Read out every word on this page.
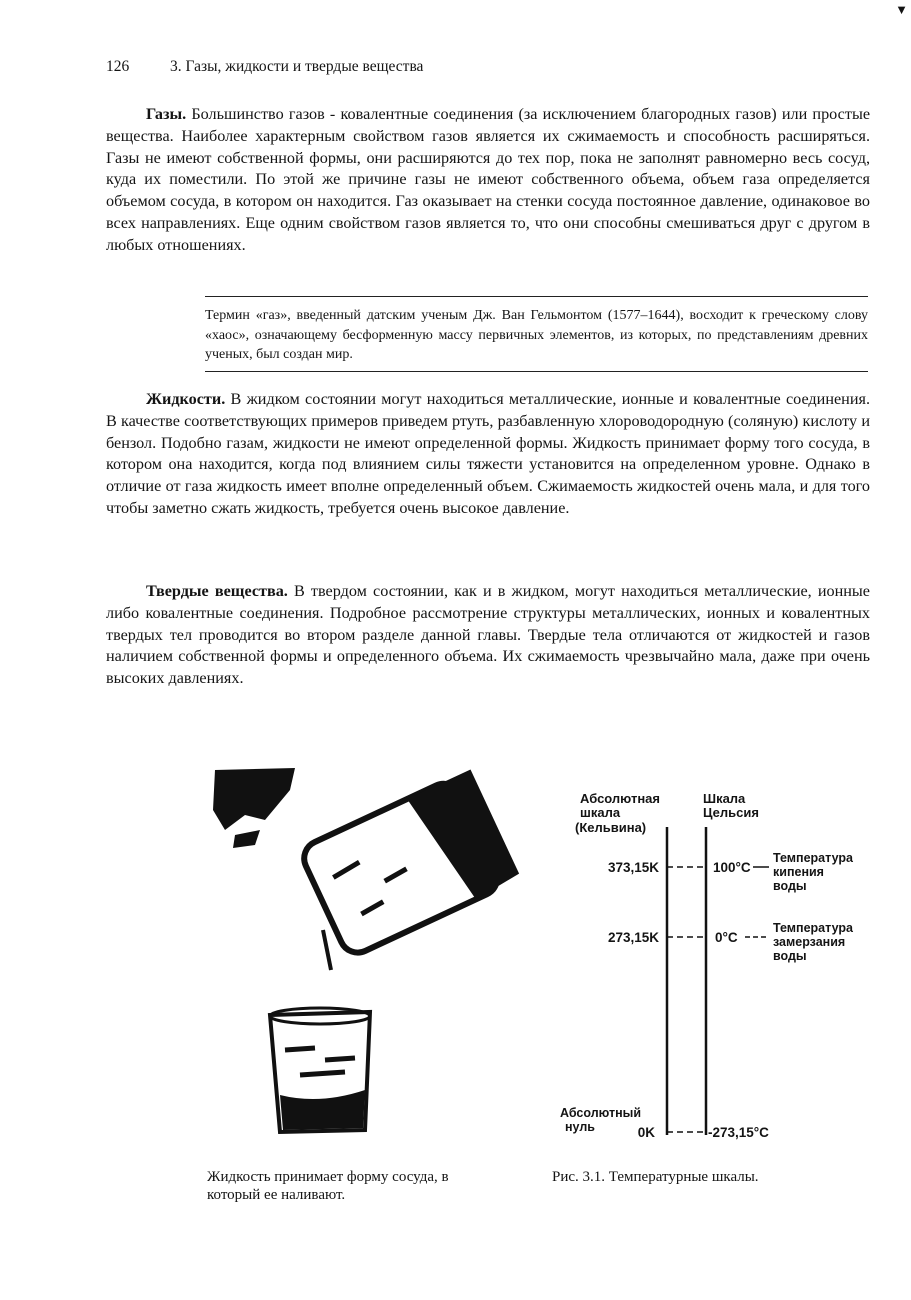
126	3. Газы, жидкости и твердые вещества

Газы. Большинство газов - ковалентные соединения (за исключением благородных газов) или простые вещества. Наиболее характерным свойством газов является их сжимаемость и способность расширяться. Газы не имеют собственной формы, они расширяются до тех пор, пока не заполнят равномерно весь сосуд, куда их поместили. По этой же причине газы не имеют собственного объема, объем газа определяется объемом сосуда, в котором он находится. Газ оказывает на стенки сосуда постоянное давление, одинаковое во всех направлениях. Еще одним свойством газов является то, что они способны смешиваться друг с другом в любых отношениях.

Термин «газ», введенный датским ученым Дж. Ван Гельмонтом (1577–1644), восходит к греческому слову «хаос», означающему бесформенную массу первичных элементов, из которых, по представлениям древних ученых, был создан мир.

Жидкости. В жидком состоянии могут находиться металлические, ионные и ковалентные соединения. В качестве соответствующих примеров приведем ртуть, разбавленную хлороводородную (соляную) кислоту и бензол. Подобно газам, жидкости не имеют определенной формы. Жидкость принимает форму того сосуда, в котором она находится, когда под влиянием силы тяжести установится на определенном уровне. Однако в отличие от газа жидкость имеет вполне определенный объем. Сжимаемость жидкостей очень мала, и для того чтобы заметно сжать жидкость, требуется очень высокое давление.

Твердые вещества. В твердом состоянии, как и в жидком, могут находиться металлические, ионные либо ковалентные соединения. Подробное рассмотрение структуры металлических, ионных и ковалентных твердых тел проводится во втором разделе данной главы. Твердые тела отличаются от жидкостей и газов наличием собственной формы и определенного объема. Их сжимаемость чрезвычайно мала, даже при очень высоких давлениях.

Жидкость принимает форму сосуда, в
который ее наливают.
Абсолютная
шкала
(Кельвина)
Шкала
Цельсия
373,15K	100°C
273,15K	0°C
0K	-273,15°C
Температура
кипения
воды
Температура
замерзания
воды
Абсолютный
нуль
Рис. 3.1. Температурные шкалы.
▼
